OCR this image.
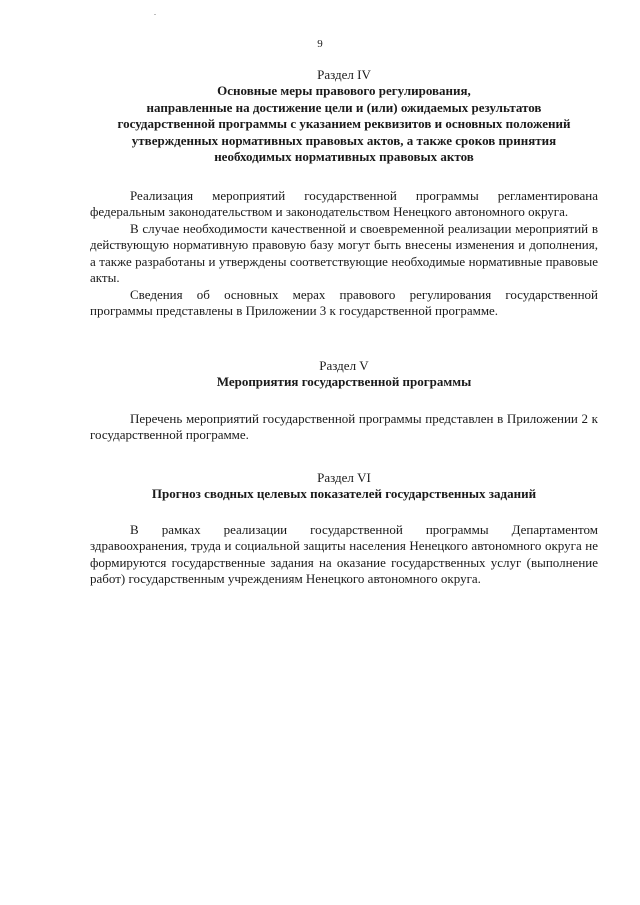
9

Раздел IV

Основные меры правового регулирования,

направленные на достижение цели и (или) ожидаемых результатов

государственной программы с указанием реквизитов и основных положений

утвержденных нормативных правовых актов, а также сроков принятия

необходимых нормативных правовых актов

Реализация мероприятий государственной программы регламентирована федеральным законодательством и законодательством Ненецкого автономного округа.

В случае необходимости качественной и своевременной реализации мероприятий в действующую нормативную правовую базу могут быть внесены изменения и дополнения, а также разработаны и утверждены соответствующие необходимые нормативные правовые акты.

Сведения об основных мерах правового регулирования государственной программы представлены в Приложении 3 к государственной программе.

Раздел V

Мероприятия государственной программы

Перечень мероприятий государственной программы представлен в Приложении 2 к государственной программе.

Раздел VI

Прогноз сводных целевых показателей государственных заданий

В рамках реализации государственной программы Департаментом здравоохранения, труда и социальной защиты населения Ненецкого автономного округа не формируются государственные задания на оказание государственных услуг (выполнение работ) государственным учреждениям Ненецкого автономного округа.
